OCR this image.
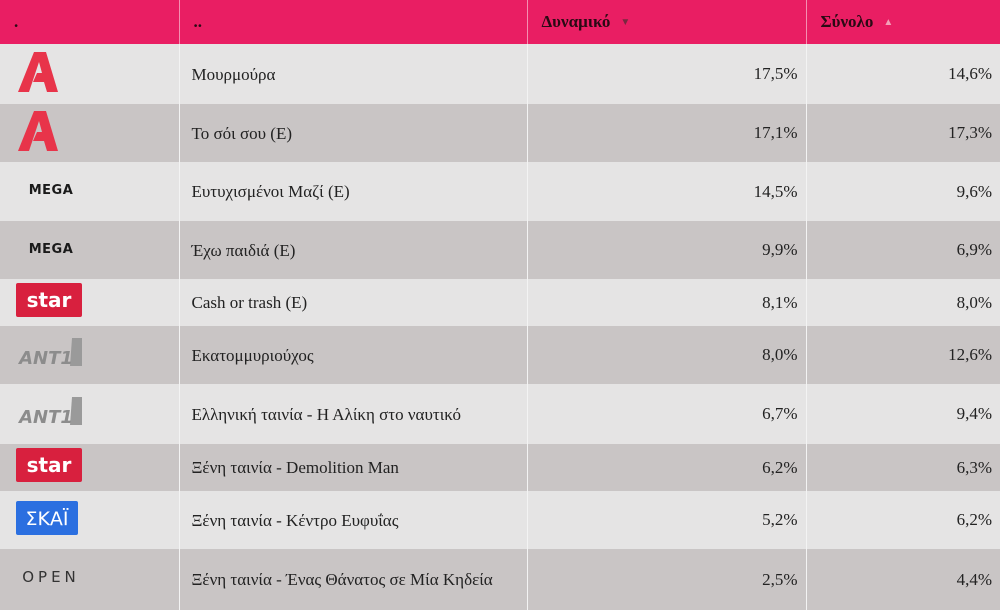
.	..	Δυναμικό ▼	Σύνολο ▲
	Μουρμούρα	17,5%	14,6%
	Το σόι σου (Ε)	17,1%	17,3%

MEGA	Ευτυχισμένοι Μαζί (Ε)	14,5%	9,6%

MEGA	Έχω παιδιά (Ε)	9,9%	6,9%

star	Cash or trash (E)	8,1%	8,0%

ANT1	Εκατομμυριούχος	8,0%	12,6%

ANT1	Ελληνική ταινία - Η Αλίκη στο ναυτικό	6,7%	9,4%

star	Ξένη ταινία - Demolition Man	6,2%	6,3%

ΣΚΑΪ	Ξένη ταινία - Κέντρο Ευφυΐας	5,2%	6,2%

OPEN	Ξένη ταινία - Ένας Θάνατος σε Μία Κηδεία	2,5%	4,4%
